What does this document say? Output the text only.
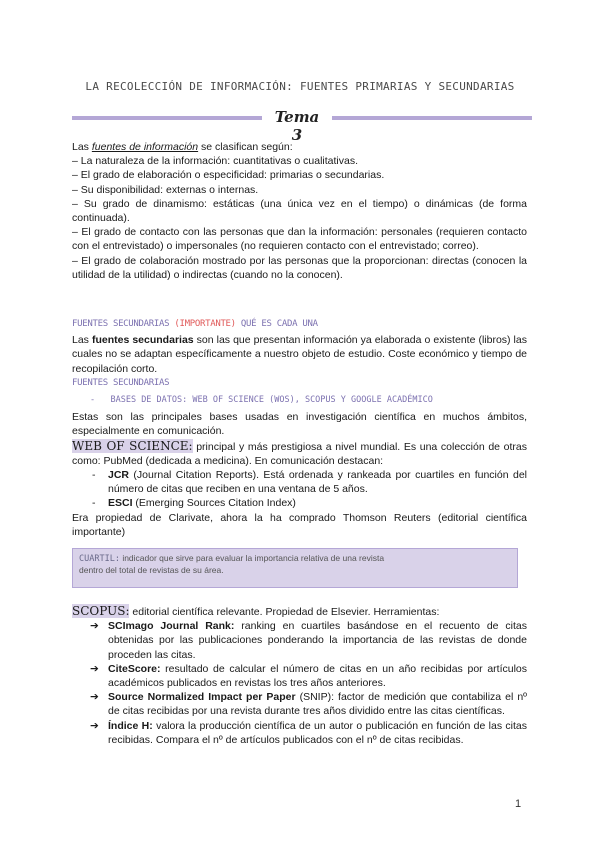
LA RECOLECCIÓN DE INFORMACIÓN: FUENTES PRIMARIAS Y SECUNDARIAS
Tema 3

Las fuentes de información se clasifican según:

– La naturaleza de la información: cuantitativas o cualitativas.

– El grado de elaboración o especificidad: primarias o secundarias.

– Su disponibilidad: externas o internas.

– Su grado de dinamismo: estáticas (una única vez en el tiempo) o dinámicas (de forma continuada).

– El grado de contacto con las personas que dan la información: personales (requieren contacto con el entrevistado) o impersonales (no requieren contacto con el entrevistado; correo).

– El grado de colaboración mostrado por las personas que la proporcionan: directas (conocen la utilidad de la utilidad) o indirectas (cuando no la conocen).

FUENTES SECUNDARIAS (IMPORTANTE) QUÉ ES CADA UNA

Las fuentes secundarias son las que presentan información ya elaborada o existente (libros) las cuales no se adaptan específicamente a nuestro objeto de estudio. Coste económico y tiempo de recopilación corto.

FUENTES SECUNDARIAS

- BASES DE DATOS: WEB OF SCIENCE (WOS), SCOPUS Y GOOGLE ACADÉMICO

Estas son las principales bases usadas en investigación científica en muchos ámbitos, especialmente en comunicación.

WEB OF SCIENCE: principal y más prestigiosa a nivel mundial. Es una colección de otras como: PubMed (dedicada a medicina). En comunicación destacan:

- JCR (Journal Citation Reports). Está ordenada y rankeada por cuartiles en función del número de citas que reciben en una ventana de 5 años.
- ESCI (Emerging Sources Citation Index)

Era propiedad de Clarivate, ahora la ha comprado Thomson Reuters (editorial científica importante)

CUARTIL: indicador que sirve para evaluar la importancia relativa de una revista dentro del total de revistas de su área.

SCOPUS: editorial científica relevante. Propiedad de Elsevier. Herramientas:

➔ SCImago Journal Rank: ranking en cuartiles basándose en el recuento de citas obtenidas por las publicaciones ponderando la importancia de las revistas de donde proceden las citas.
➔ CiteScore: resultado de calcular el número de citas en un año recibidas por artículos académicos publicados en revistas los tres años anteriores.
➔ Source Normalized Impact per Paper (SNIP): factor de medición que contabiliza el nº de citas recibidas por una revista durante tres años dividido entre las citas científicas.
➔ Índice H: valora la producción científica de un autor o publicación en función de las citas recibidas. Compara el nº de artículos publicados con el nº de citas recibidas.
1
